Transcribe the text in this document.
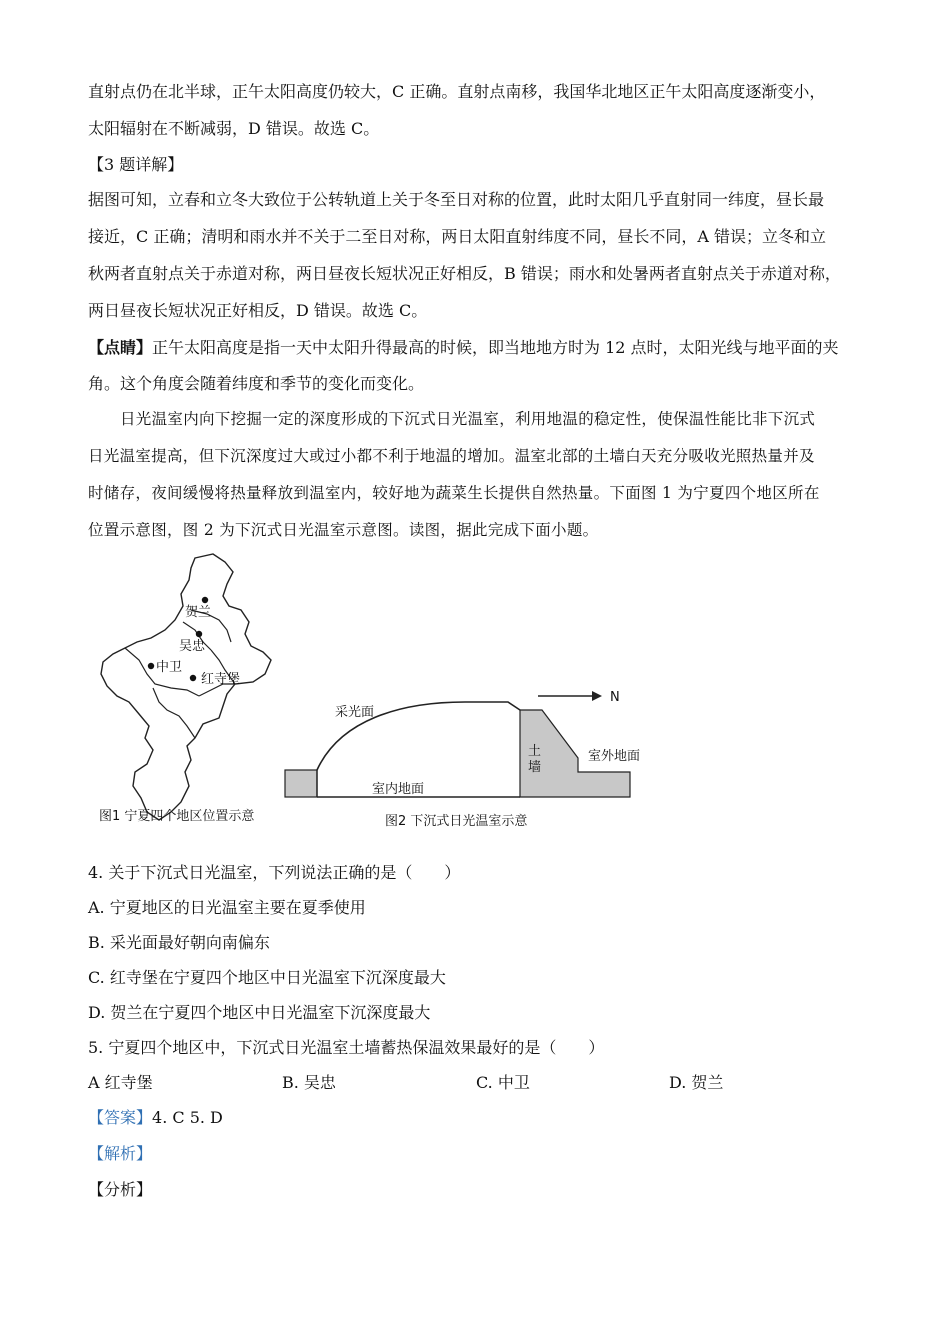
直射点仍在北半球，正午太阳高度仍较大，C 正确。直射点南移，我国华北地区正午太阳高度逐渐变小，
太阳辐射在不断减弱，D 错误。故选 C。
【3 题详解】
据图可知，立春和立冬大致位于公转轨道上关于冬至日对称的位置，此时太阳几乎直射同一纬度，昼长最
接近，C 正确；清明和雨水并不关于二至日对称，两日太阳直射纬度不同，昼长不同，A 错误；立冬和立
秋两者直射点关于赤道对称，两日昼夜长短状况正好相反，B 错误；雨水和处暑两者直射点关于赤道对称，
两日昼夜长短状况正好相反，D 错误。故选 C。
【点睛】正午太阳高度是指一天中太阳升得最高的时候，即当地地方时为 12 点时，太阳光线与地平面的夹
角。这个角度会随着纬度和季节的变化而变化。
日光温室内向下挖掘一定的深度形成的下沉式日光温室，利用地温的稳定性，使保温性能比非下沉式
日光温室提高，但下沉深度过大或过小都不利于地温的增加。温室北部的土墙白天充分吸收光照热量并及
时储存，夜间缓慢将热量释放到温室内，较好地为蔬菜生长提供自然热量。下面图 1 为宁夏四个地区所在
位置示意图，图 2 为下沉式日光温室示意图。读图，据此完成下面小题。
贺兰
吴忠
中卫
红寺堡
图1 宁夏四个地区位置示意
N
采光面
室内地面
土
墙
室外地面
图2 下沉式日光温室示意
4. 关于下沉式日光温室，下列说法正确的是（　　）
A. 宁夏地区的日光温室主要在夏季使用
B. 采光面最好朝向南偏东
C. 红寺堡在宁夏四个地区中日光温室下沉深度最大
D. 贺兰在宁夏四个地区中日光温室下沉深度最大
5. 宁夏四个地区中，下沉式日光温室土墙蓄热保温效果最好的是（　　）
A 红寺堡	B. 吴忠	C. 中卫	D. 贺兰
【答案】4. C 5. D
【解析】
【分析】
